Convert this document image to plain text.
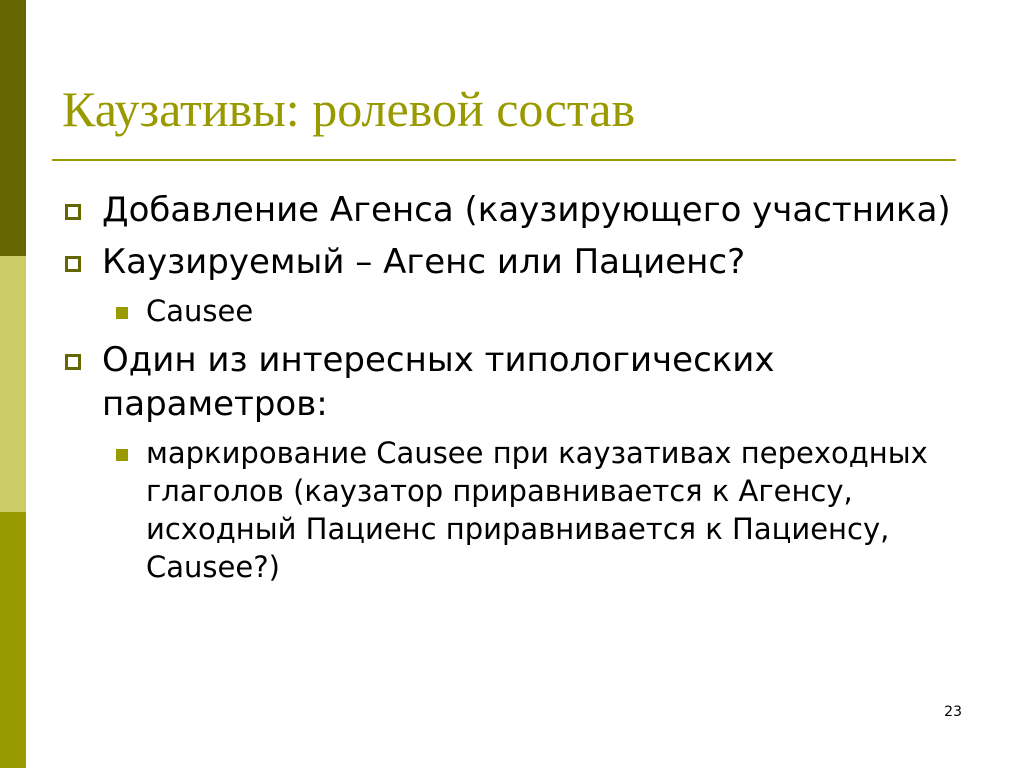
Каузативы: ролевой состав
Добавление Агенса (каузирующего участника)
Каузируемый – Агенс или Пациенс?
Causee
Один из интересных типологических параметров:
маркирование Causee при каузативах переходных глаголов (каузатор приравнивается к Агенсу, исходный Пациенс приравнивается к Пациенсу, Causee?)
23
